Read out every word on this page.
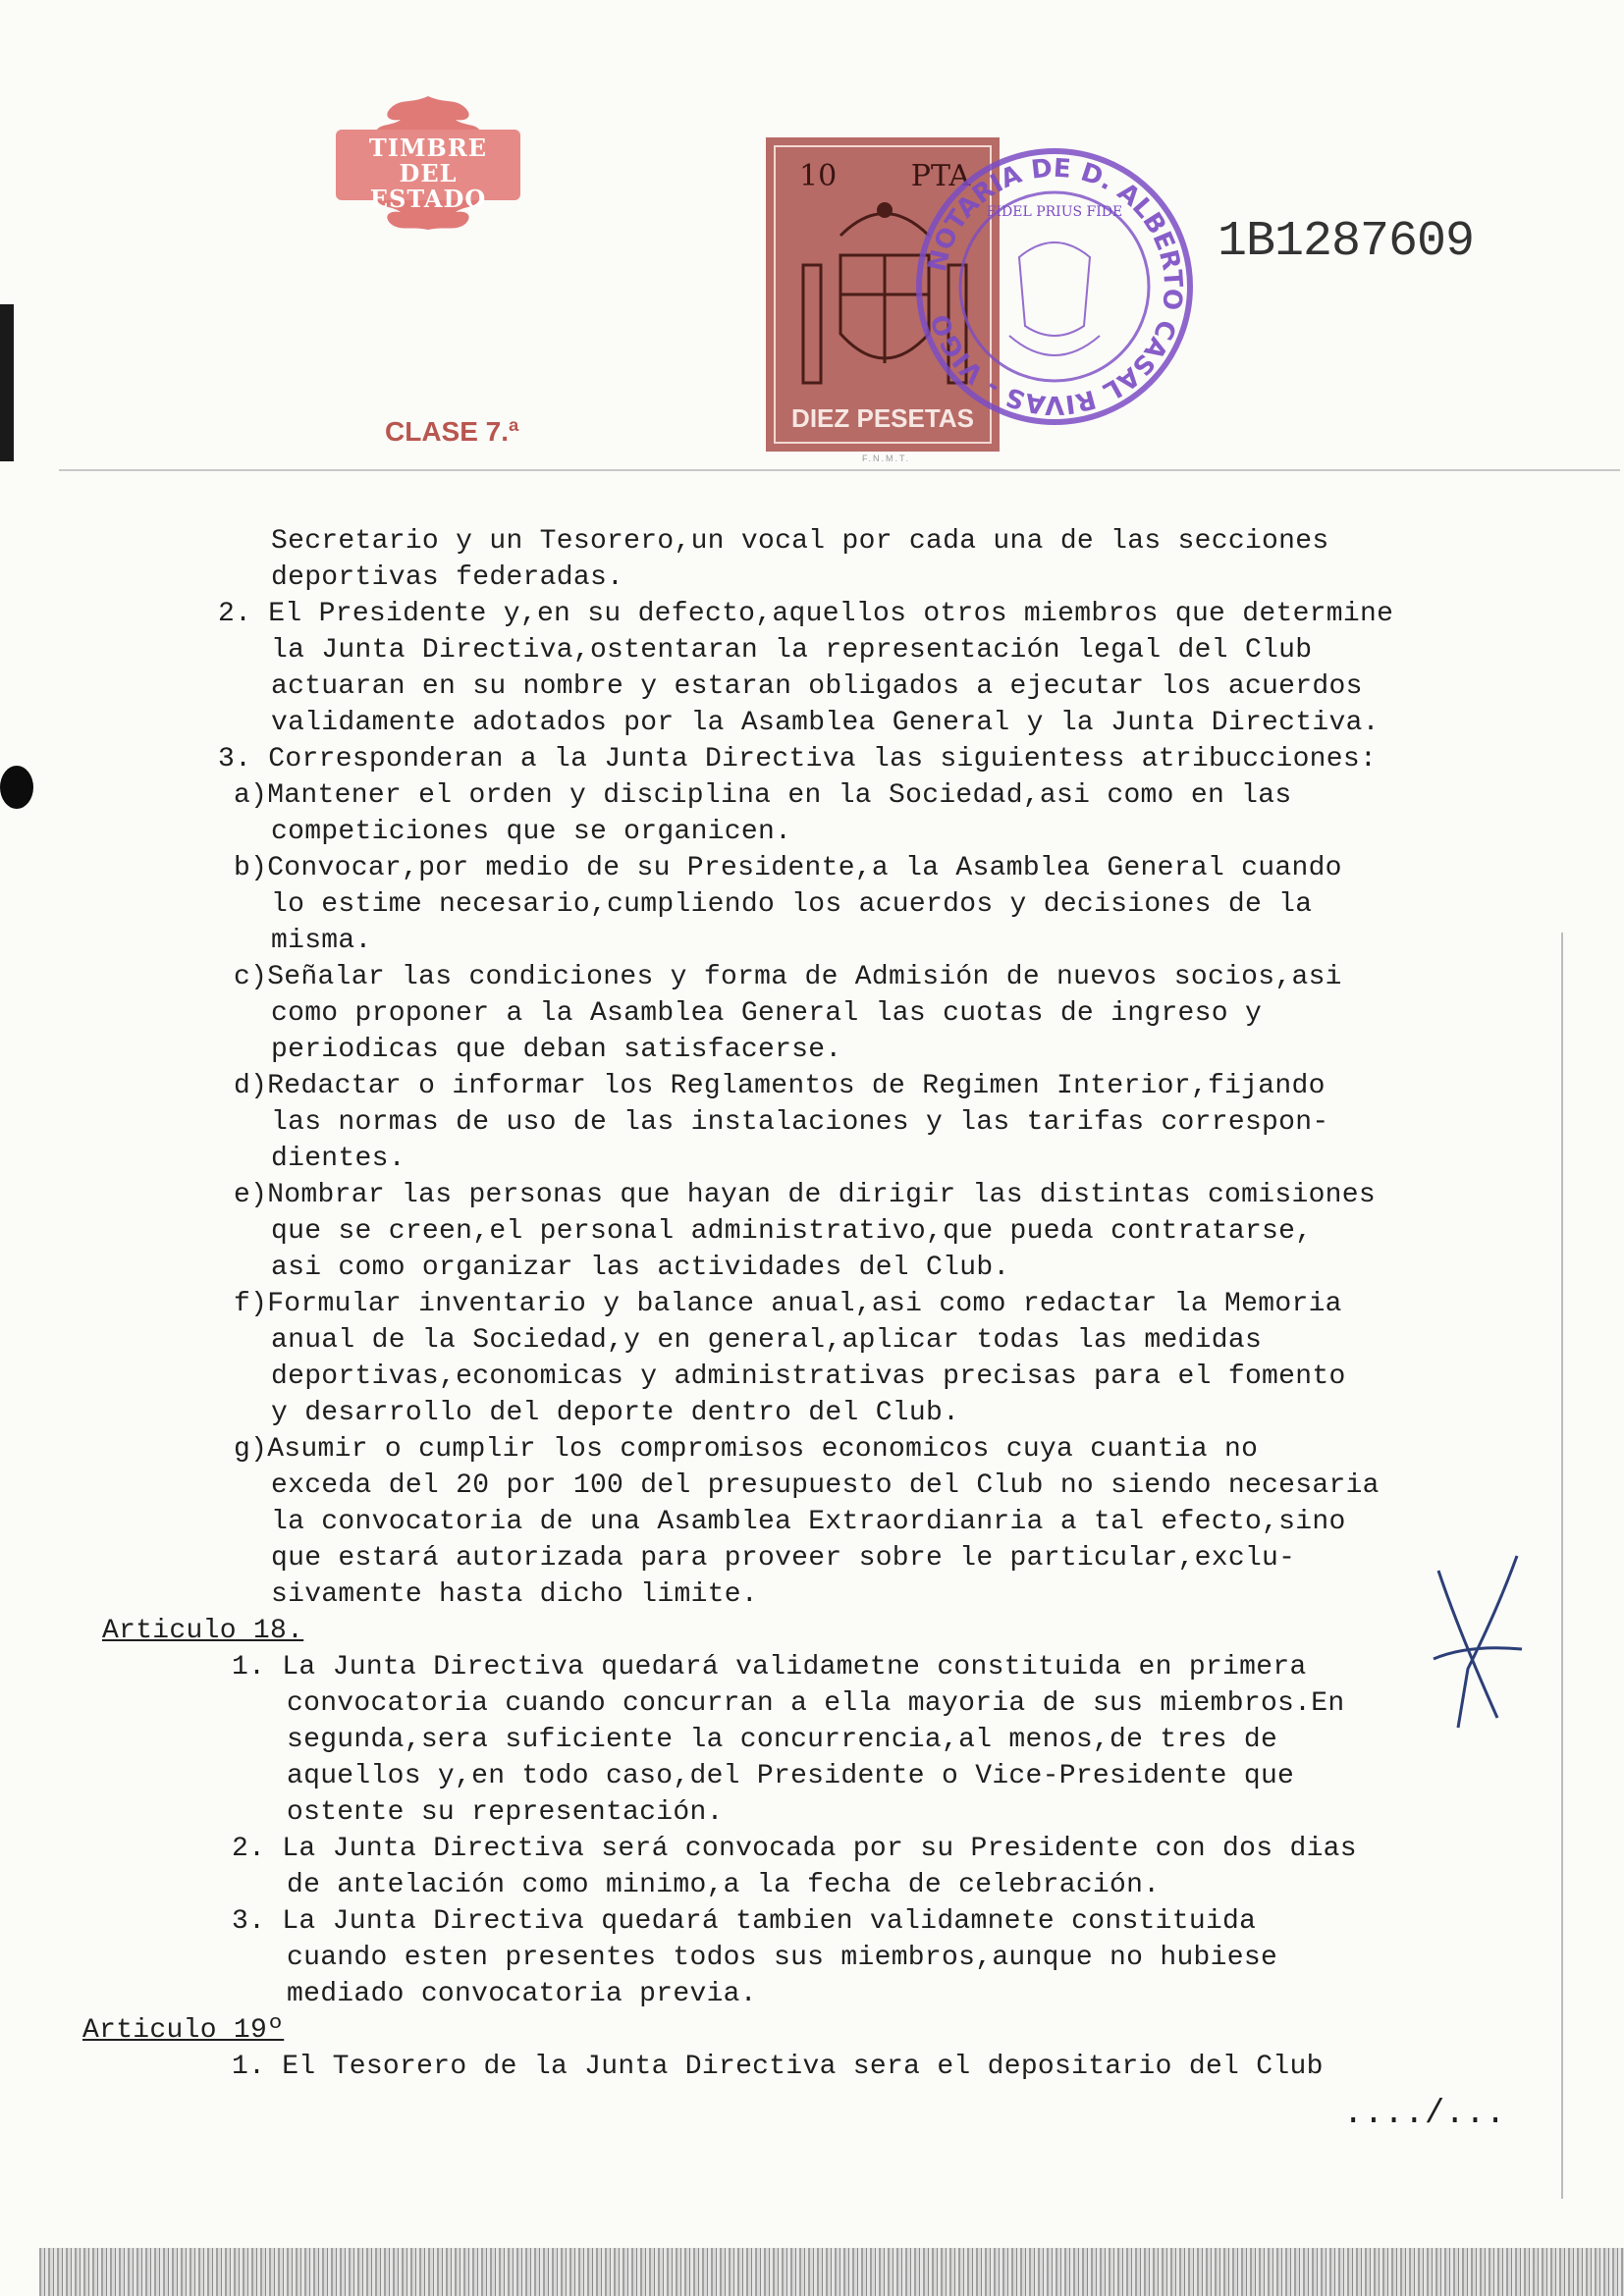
TIMBRE
DEL ESTADO
CLASE 7.ª
10	PTA
DIEZ PESETAS
F.N.M.T.
NOTARIA DE D. ALBERTO CASAL RIVAS - VIGO
FIDEL PRIUS FIDE
1B1287609
Secretario y un Tesorero,un vocal por cada una de las secciones
deportivas federadas.
2. El Presidente y,en su defecto,aquellos otros miembros que determine
la Junta Directiva,ostentaran la representación legal del Club
actuaran en su nombre y estaran obligados a ejecutar los acuerdos
validamente adotados por la Asamblea General y la Junta Directiva.
3. Corresponderan a la Junta Directiva las siguientess atribucciones:
a)Mantener el orden y disciplina en la Sociedad,asi como en las
competiciones que se organicen.
b)Convocar,por medio de su Presidente,a la Asamblea General cuando
lo estime necesario,cumpliendo los acuerdos y decisiones de la
misma.
c)Señalar las condiciones y forma de Admisión de nuevos socios,asi
como proponer a la Asamblea General las cuotas de ingreso y
periodicas que deban satisfacerse.
d)Redactar o informar los Reglamentos de Regimen Interior,fijando
las normas de uso de las instalaciones y las tarifas correspon-
dientes.
e)Nombrar las personas que hayan de dirigir las distintas comisiones
que se creen,el personal administrativo,que pueda contratarse,
asi como organizar las actividades del Club.
f)Formular inventario y balance anual,asi como redactar la Memoria
anual de la Sociedad,y en general,aplicar todas las medidas
deportivas,economicas y administrativas precisas para el fomento
y desarrollo del deporte dentro del Club.
g)Asumir o cumplir los compromisos economicos cuya cuantia no
exceda del 20 por 100 del presupuesto del Club no siendo necesaria
la convocatoria de una Asamblea Extraordianria a tal efecto,sino
que estará autorizada para proveer sobre le particular,exclu-
sivamente hasta dicho limite.
Articulo 18.
1. La Junta Directiva quedará validametne constituida en primera
convocatoria cuando concurran a ella mayoria de sus miembros.En
segunda,sera suficiente la concurrencia,al menos,de tres de
aquellos y,en todo caso,del Presidente o Vice-Presidente que
ostente su representación.
2. La Junta Directiva será convocada por su Presidente con dos dias
de antelación como minimo,a la fecha de celebración.
3. La Junta Directiva quedará tambien validamnete constituida
cuando esten presentes todos sus miembros,aunque no hubiese
mediado convocatoria previa.
Articulo 19º
1. El Tesorero de la Junta Directiva sera el depositario del Club
..../...
